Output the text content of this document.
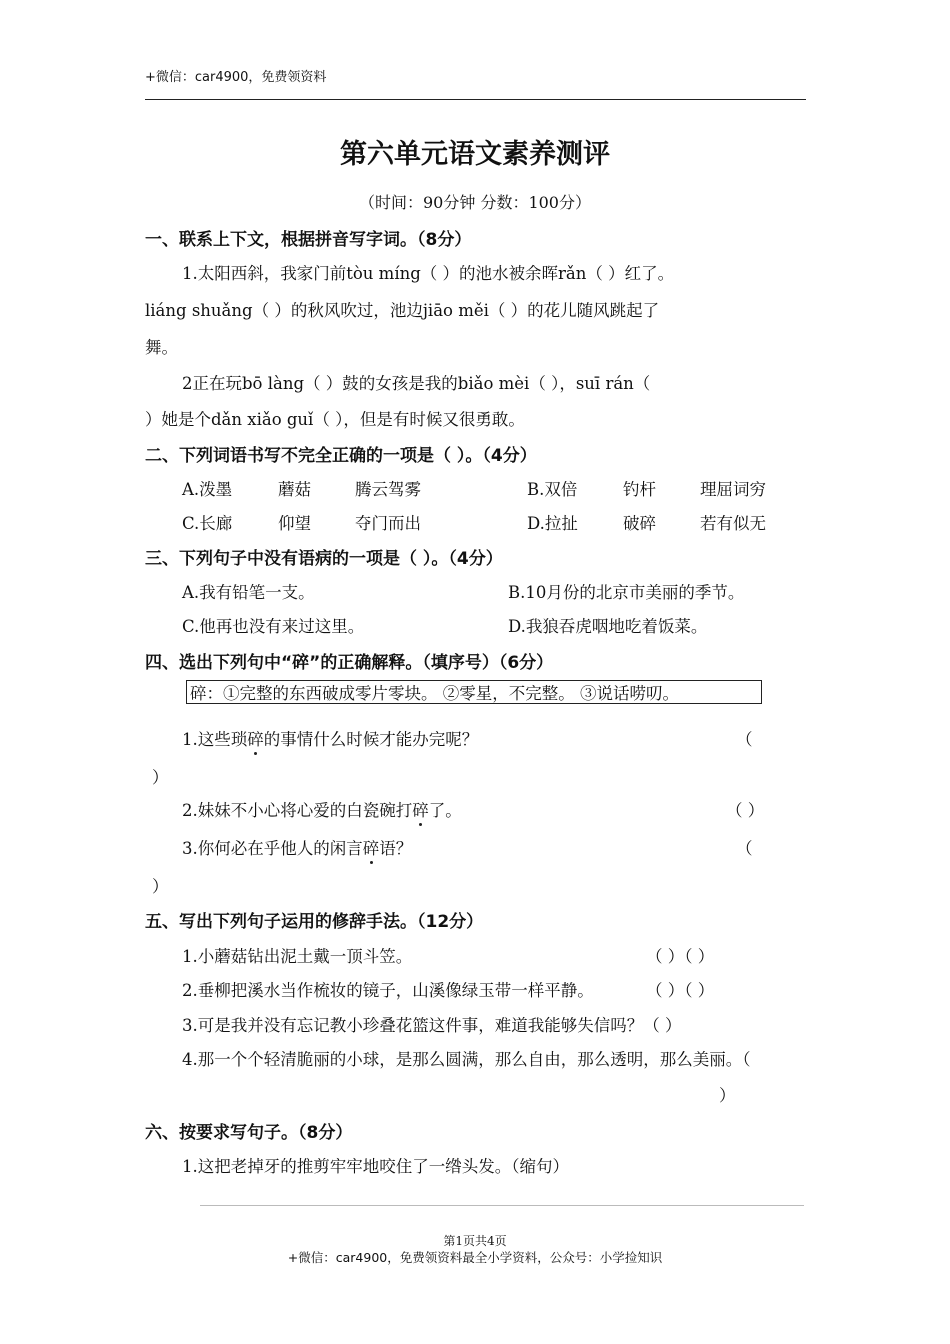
+微信：car4900，免费领资料
第六单元语文素养测评
（时间：90分钟 分数：100分）
一、联系上下文，根据拼音写字词。（8分）
1.太阳西斜，我家门前tòu míng（ ）的池水被余晖rǎn（ ）红了。
liáng shuǎng（ ）的秋风吹过，池边jiāo měi（ ）的花儿随风跳起了
舞。
2正在玩bō làng（ ）鼓的女孩是我的biǎo mèi（ ），suī rán（
）她是个dǎn xiǎo guǐ（ ），但是有时候又很勇敢。
二、下列词语书写不完全正确的一项是（ ）。（4分）
A.泼墨	蘑菇	腾云驾雾	B.双倍	钓杆	理屈词穷
C.长廊	仰望	夺门而出	D.拉扯	破碎	若有似无
三、下列句子中没有语病的一项是（ ）。（4分）
A.我有铅笔一支。	B.10月份的北京市美丽的季节。
C.他再也没有来过这里。	D.我狼吞虎咽地吃着饭菜。
四、选出下列句中“碎”的正确解释。（填序号）（6分）
碎：①完整的东西破成零片零块。 ②零星，不完整。 ③说话唠叨。
1.这些琐碎的事情什么时候才能办完呢？	（
）
2.妹妹不小心将心爱的白瓷碗打碎了。	（ ）
3.你何必在乎他人的闲言碎语？	（
）
五、写出下列句子运用的修辞手法。（12分）
1.小蘑菇钻出泥土戴一顶斗笠。	（ ）（ ）
2.垂柳把溪水当作梳妆的镜子，山溪像绿玉带一样平静。	（ ）（ ）
3.可是我并没有忘记教小珍叠花篮这件事，难道我能够失信吗？（ ）
4.那一个个轻清脆丽的小球，是那么圆满，那么自由，那么透明，那么美丽。（
）
六、按要求写句子。（8分）
1.这把老掉牙的推剪牢牢地咬住了一绺头发。（缩句）
第1页共4页
+微信：car4900，免费领资料最全小学资料，公众号：小学捡知识
